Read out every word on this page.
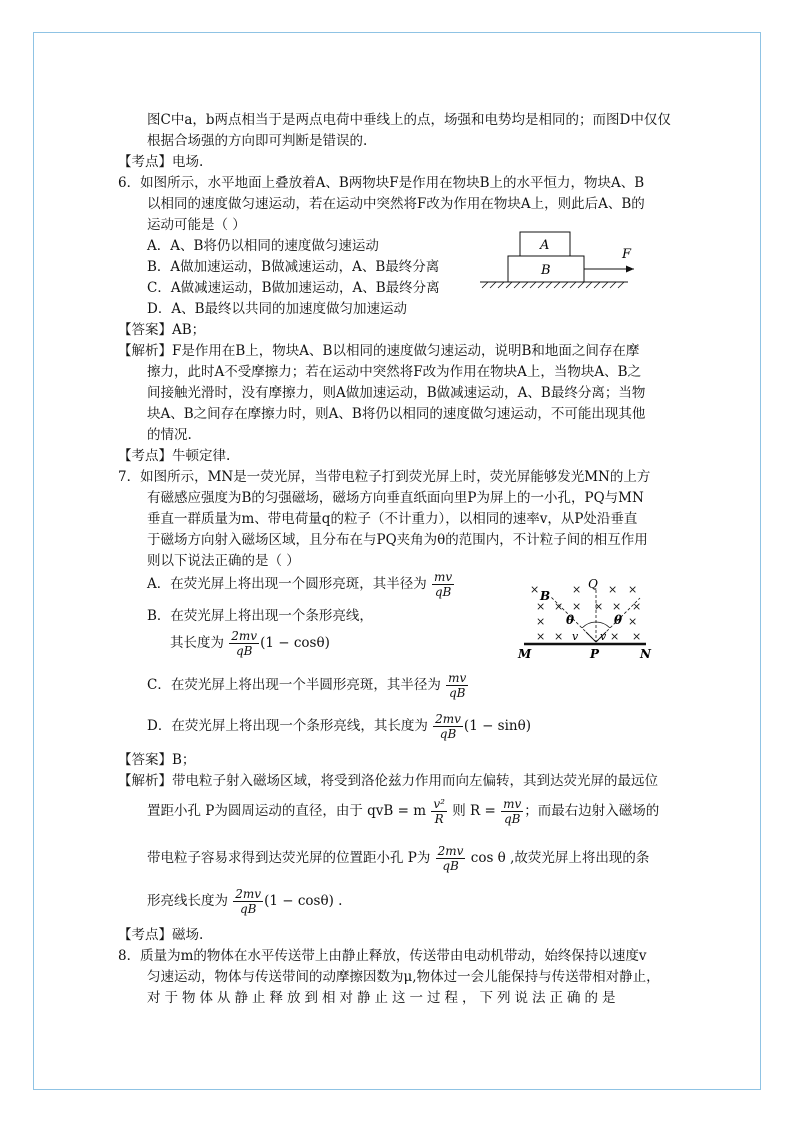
图C中a，b两点相当于是两点电荷中垂线上的点，场强和电势均是相同的；而图D中仅仅
根据合场强的方向即可判断是错误的.
【考点】电场.
6．如图所示，水平地面上叠放着A、B两物块F是作用在物块B上的水平恒力，物块A、B
以相同的速度做匀速运动，若在运动中突然将F改为作用在物块A上，则此后A、B的
运动可能是（ ）
A．A、B将仍以相同的速度做匀速运动
B．A做加速运动，B做减速运动，A、B最终分离
C．A做减速运动，B做加速运动，A、B最终分离
D．A、B最终以共同的加速度做匀加速运动
A
B
F
【答案】AB；
【解析】F是作用在B上，物块A、B以相同的速度做匀速运动，说明B和地面之间存在摩
擦力，此时A不受摩擦力；若在运动中突然将F改为作用在物块A上，当物块A、B之
间接触光滑时，没有摩擦力，则A做加速运动，B做减速运动，A、B最终分离；当物
块A、B之间存在摩擦力时，则A、B将仍以相同的速度做匀速运动，不可能出现其他
的情况.
【考点】牛顿定律.
7．如图所示，MN是一荧光屏，当带电粒子打到荧光屏上时，荧光屏能够发光MN的上方
有磁感应强度为B的匀强磁场，磁场方向垂直纸面向里P为屏上的一小孔，PQ与MN
垂直一群质量为m、带电荷量q的粒子（不计重力），以相同的速率v，从P处沿垂直
于磁场方向射入磁场区域，且分布在与PQ夹角为θ的范围内，不计粒子间的相互作用
则以下说法正确的是（ ）
A．在荧光屏上将出现一个圆形亮斑，其半径为 $\frac{mv}{qB}$
B．在荧光屏上将出现一个条形亮线，
其长度为 $\frac{2mv}{qB} (1 - \cos\theta)$
C．在荧光屏上将出现一个半圆形亮斑，其半径为 $\frac{mv}{qB}$
D．在荧光屏上将出现一个条形亮线，其长度为 $\frac{2mv}{qB} (1 - \sin\theta)$
×	× × ×
× × × × × ×
×	×
× ×	× ×
B
Q
θ	θ
v v
M	P	N
【答案】B；
【解析】带电粒子射入磁场区域，将受到洛伦兹力作用而向左偏转，其到达荧光屏的最远位
置距小孔 P为圆周运动的直径，由于 qvB = m $\frac{\text{v²}}{R}$ 则 $R = \frac{mv}{qB}$ ；而最右边射入磁场的
带电粒子容易求得到达荧光屏的位置距小孔 P为 $\frac{2mv}{qB}$ cos θ ,故荧光屏上将出现的条
形亮线长度为 $\frac{2mv}{qB} (1 - \cos\theta)$ .
【考点】磁场.
8．质量为m的物体在水平传送带上由静止释放，传送带由电动机带动，始终保持以速度v
匀速运动，物体与传送带间的动摩擦因数为μ,物体过一会儿能保持与传送带相对静止，
对于物体从静止释放到相对静止这一过程，下列说法正确的是
